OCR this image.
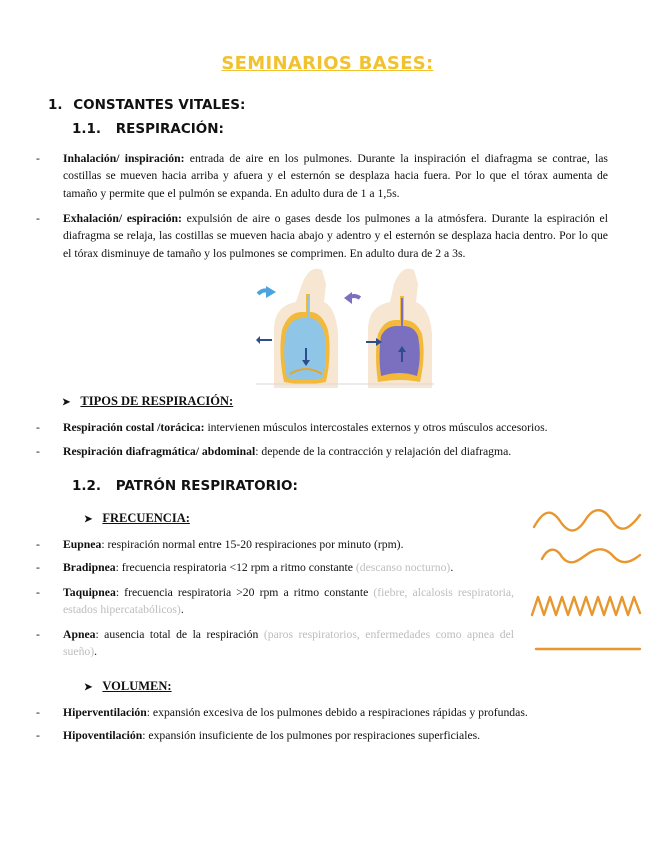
SEMINARIOS BASES:
1. CONSTANTES VITALES:
1.1. RESPIRACIÓN:
- Inhalación/ inspiración: entrada de aire en los pulmones. Durante la inspiración el diafragma se contrae, las costillas se mueven hacia arriba y afuera y el esternón se desplaza hacia fuera. Por lo que el tórax aumenta de tamaño y permite que el pulmón se expanda. En adulto dura de 1 a 1,5s.
- Exhalación/ espiración: expulsión de aire o gases desde los pulmones a la atmósfera. Durante la espiración el diafragma se relaja, las costillas se mueven hacia abajo y adentro y el esternón se desplaza hacia dentro. Por lo que el tórax disminuye de tamaño y los pulmones se comprimen. En adulto dura de 2 a 3s.
➤ TIPOS DE RESPIRACIÓN:
- Respiración costal /torácica: intervienen músculos intercostales externos y otros músculos accesorios.
- Respiración diafragmática/ abdominal: depende de la contracción y relajación del diafragma.
1.2. PATRÓN RESPIRATORIO:
➤ FRECUENCIA:
- Eupnea: respiración normal entre 15-20 respiraciones por minuto (rpm).
- Bradipnea: frecuencia respiratoria <12 rpm a ritmo constante (descanso nocturno).
- Taquipnea: frecuencia respiratoria >20 rpm a ritmo constante (fiebre, alcalosis respiratoria, estados hipercatabólicos).
- Apnea: ausencia total de la respiración (paros respiratorios, enfermedades como apnea del sueño).
➤ VOLUMEN:
- Hiperventilación: expansión excesiva de los pulmones debido a respiraciones rápidas y profundas.
- Hipoventilación: expansión insuficiente de los pulmones por respiraciones superficiales.
